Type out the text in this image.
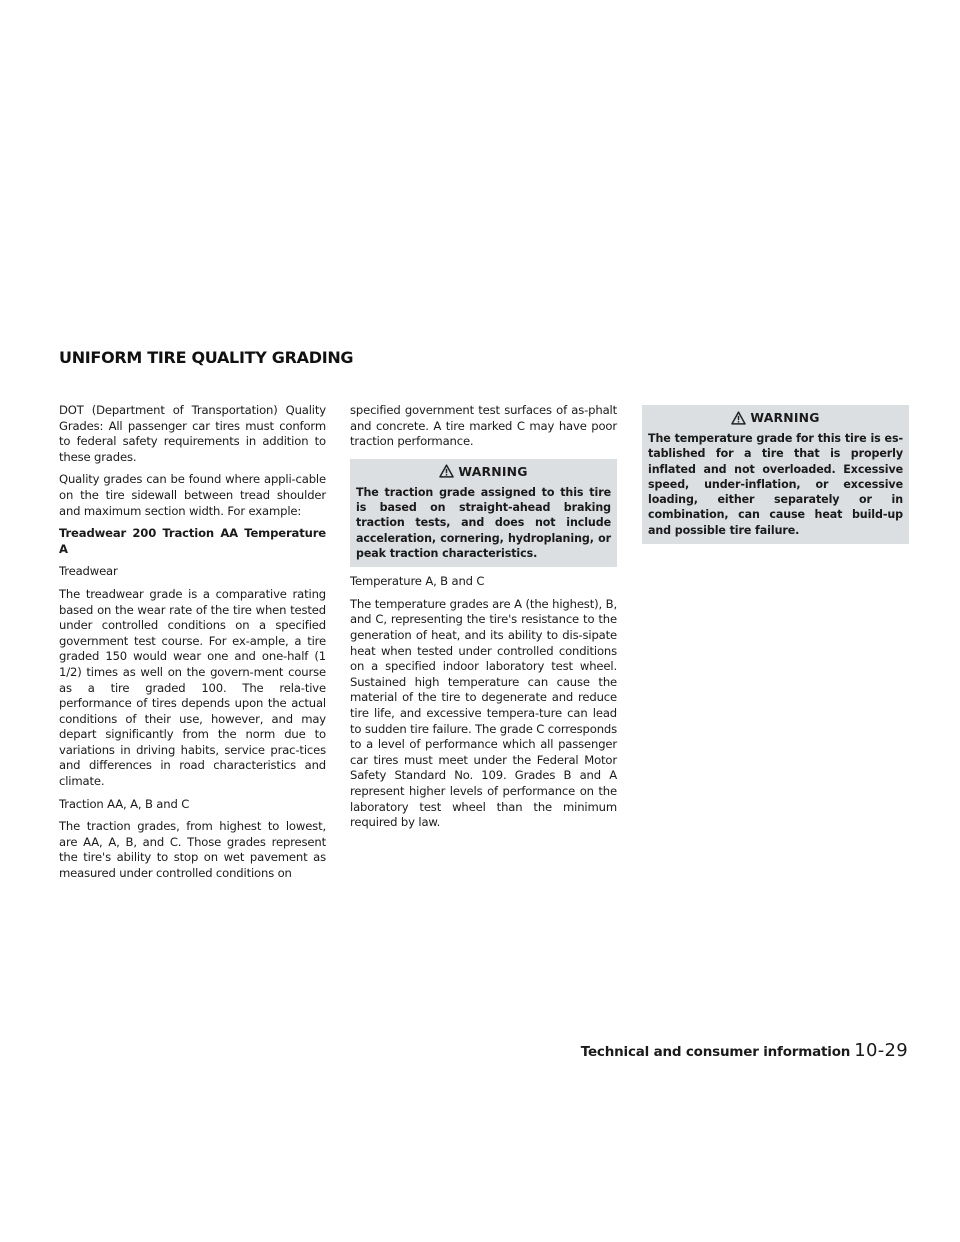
UNIFORM TIRE QUALITY GRADING

DOT (Department of Transportation) Quality Grades: All passenger car tires must conform to federal safety requirements in addition to these grades.

Quality grades can be found where appli-cable on the tire sidewall between tread shoulder and maximum section width. For example:

Treadwear 200 Traction AA Temperature A

Treadwear

The treadwear grade is a comparative rating based on the wear rate of the tire when tested under controlled conditions on a specified government test course. For ex-ample, a tire graded 150 would wear one and one-half (1 1/2) times as well on the govern-ment course as a tire graded 100. The rela-tive performance of tires depends upon the actual conditions of their use, however, and may depart significantly from the norm due to variations in driving habits, service prac-tices and differences in road characteristics and climate.

Traction AA, A, B and C

The traction grades, from highest to lowest, are AA, A, B, and C. Those grades represent the tire's ability to stop on wet pavement as measured under controlled conditions on

specified government test surfaces of as-phalt and concrete. A tire marked C may have poor traction performance.

WARNING
The traction grade assigned to this tire is based on straight-ahead braking traction tests, and does not include acceleration, cornering, hydroplaning, or peak traction characteristics.

Temperature A, B and C

The temperature grades are A (the highest), B, and C, representing the tire's resistance to the generation of heat, and its ability to dis-sipate heat when tested under controlled conditions on a specified indoor laboratory test wheel. Sustained high temperature can cause the material of the tire to degenerate and reduce tire life, and excessive tempera-ture can lead to sudden tire failure. The grade C corresponds to a level of performance which all passenger car tires must meet under the Federal Motor Safety Standard No. 109. Grades B and A represent higher levels of performance on the laboratory test wheel than the minimum required by law.

WARNING
The temperature grade for this tire is es-tablished for a tire that is properly inflated and not overloaded. Excessive speed, under-inflation, or excessive loading, either separately or in combination, can cause heat build-up and possible tire failure.
Technical and consumer information 10-29
